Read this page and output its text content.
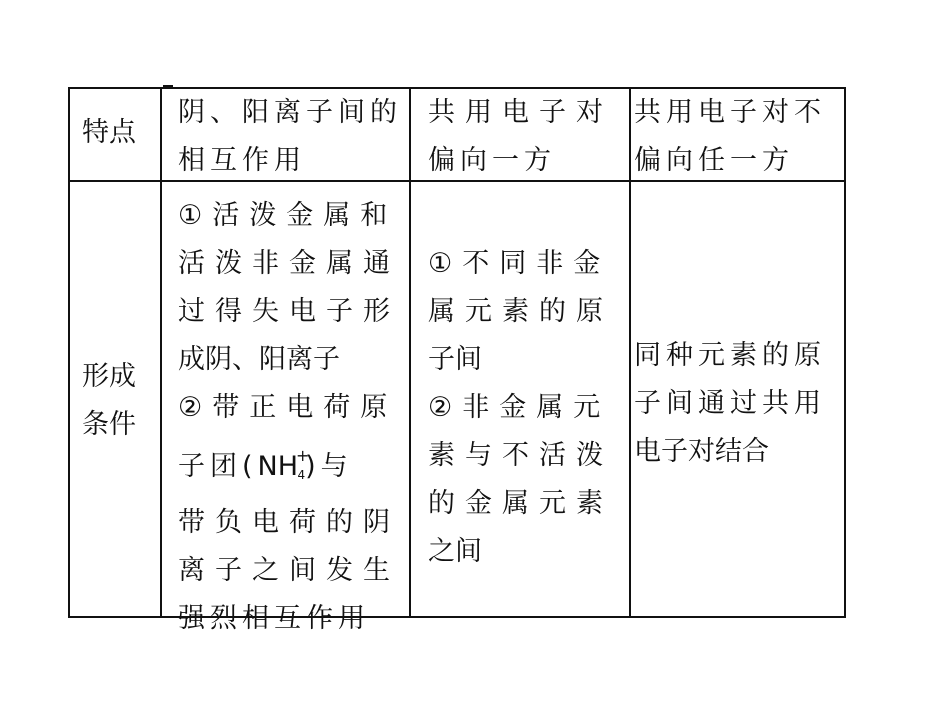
特点
阴、阳离子间的
相互作用
共用电子对
偏向一方
共用电子对不
偏向任一方
形成
条件
①活泼金属和
活泼非金属通
过得失电子形
成阴、阳离子
②带正电荷原
子团$(NH^+_4)$与
带负电荷的阴
离子之间发生
强烈相互作用
①不同非金
属元素的原
子间
②非金属元
素与不活泼
的金属元素
之间
同种元素的原
子间通过共用
电子对结合
